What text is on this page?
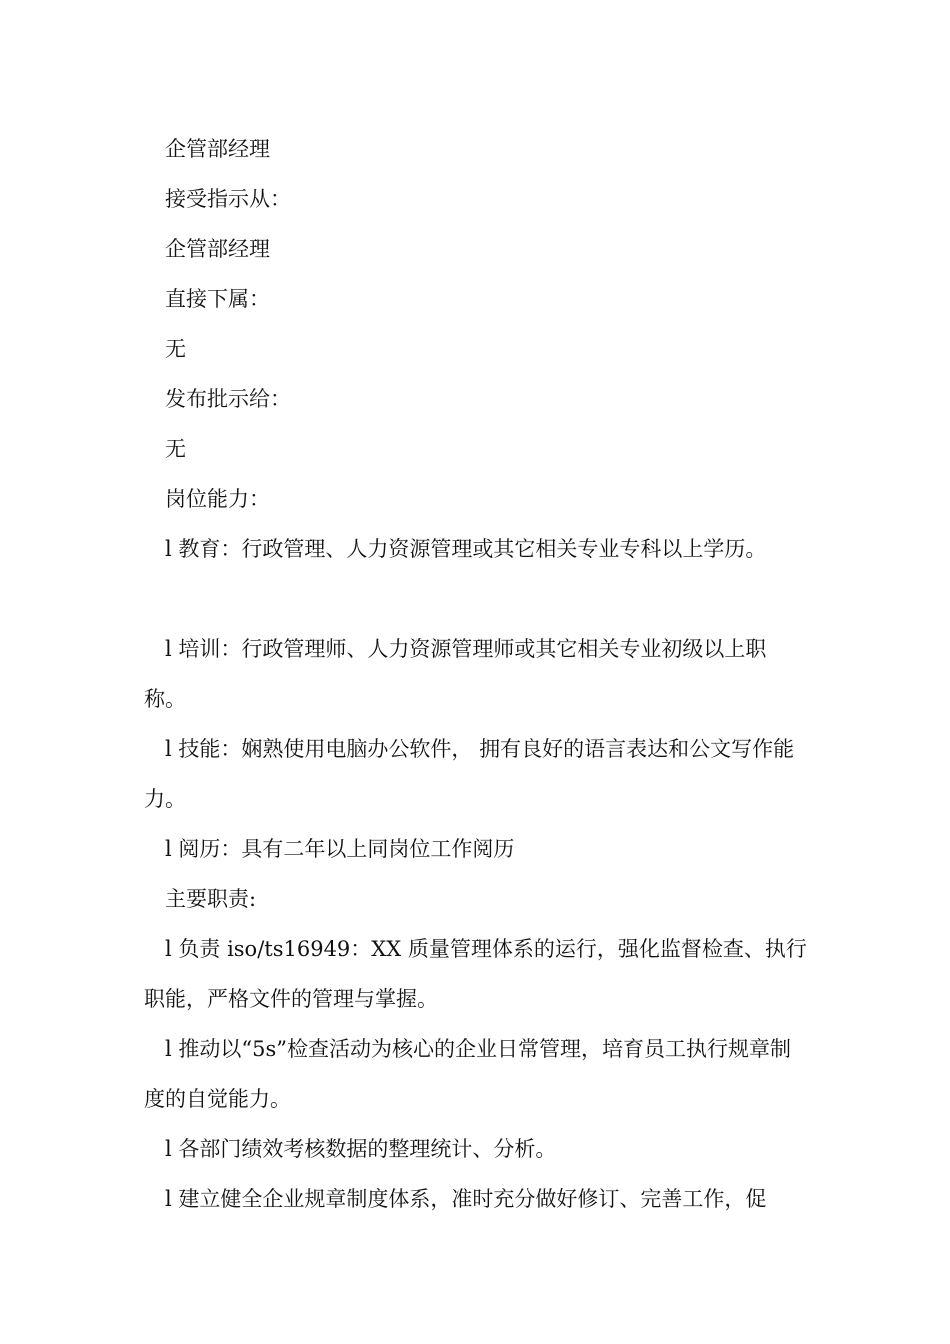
企管部经理

接受指示从：

企管部经理

直接下属：

无

发布批示给：

无

岗位能力：

l 教育：行政管理、人力资源管理或其它相关专业专科以上学历。

l 培训：行政管理师、人力资源管理师或其它相关专业初级以上职称。

l 技能：娴熟使用电脑办公软件， 拥有良好的语言表达和公文写作能力。

l 阅历：具有二年以上同岗位工作阅历

主要职责:

l 负责 iso/ts16949：XX 质量管理体系的运行，强化监督检查、执行职能，严格文件的管理与掌握。

l 推动以“5s”检查活动为核心的企业日常管理，培育员工执行规章制度的自觉能力。

l 各部门绩效考核数据的整理统计、分析。

l 建立健全企业规章制度体系，准时充分做好修订、完善工作，促
